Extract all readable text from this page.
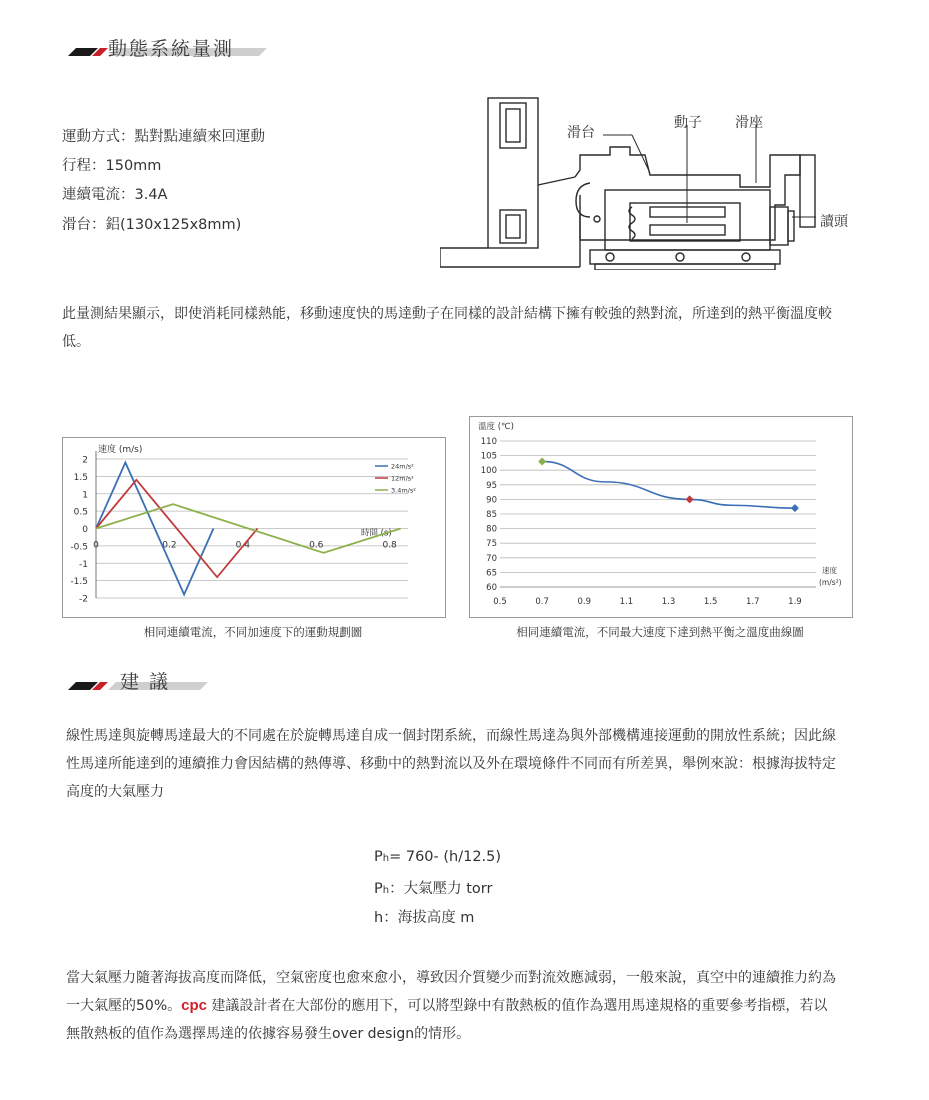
動態系統量測
運動方式：點對點連續來回運動
行程：150mm
連續電流：3.4A
滑台：鋁(130x125x8mm)
滑台
動子 滑座
讀頭
此量測結果顯示，即使消耗同樣熱能，移動速度快的馬達動子在同樣的設計結構下擁有較強的熱對流，所達到的熱平衡溫度較低。
2
1.5
1
0.5
0
-0.5
-1
-1.5
-2
0	0.2	0.4	0.6	0.8
速度 (m/s)
時間 (s)
24m/s²
12m/s²
3.4m/s²
相同連續電流，不同加速度下的運動規劃圖
110
105
100
95
90
85
80
75
70
65
60
0.5	0.7	0.9	1.1	1.3	1.5	1.7	1.9
溫度 (℃)
速度
(m/s²)
相同連續電流，不同最大速度下達到熱平衡之溫度曲線圖
建 議
線性馬達與旋轉馬達最大的不同處在於旋轉馬達自成一個封閉系統，而線性馬達為與外部機構連接運動的開放性系統；因此線性馬達所能達到的連續推力會因結構的熱傳導、移動中的熱對流以及外在環境條件不同而有所差異，舉例來說：根據海拔特定高度的大氣壓力
Ph= 760- (h/12.5)
Ph：大氣壓力 torr
h：海拔高度 m
當大氣壓力隨著海拔高度而降低，空氣密度也愈來愈小，導致因介質變少而對流效應減弱，一般來說，真空中的連續推力約為一大氣壓的50%。cpc 建議設計者在大部份的應用下，可以將型錄中有散熱板的值作為選用馬達規格的重要參考指標，若以無散熱板的值作為選擇馬達的依據容易發生over design的情形。
